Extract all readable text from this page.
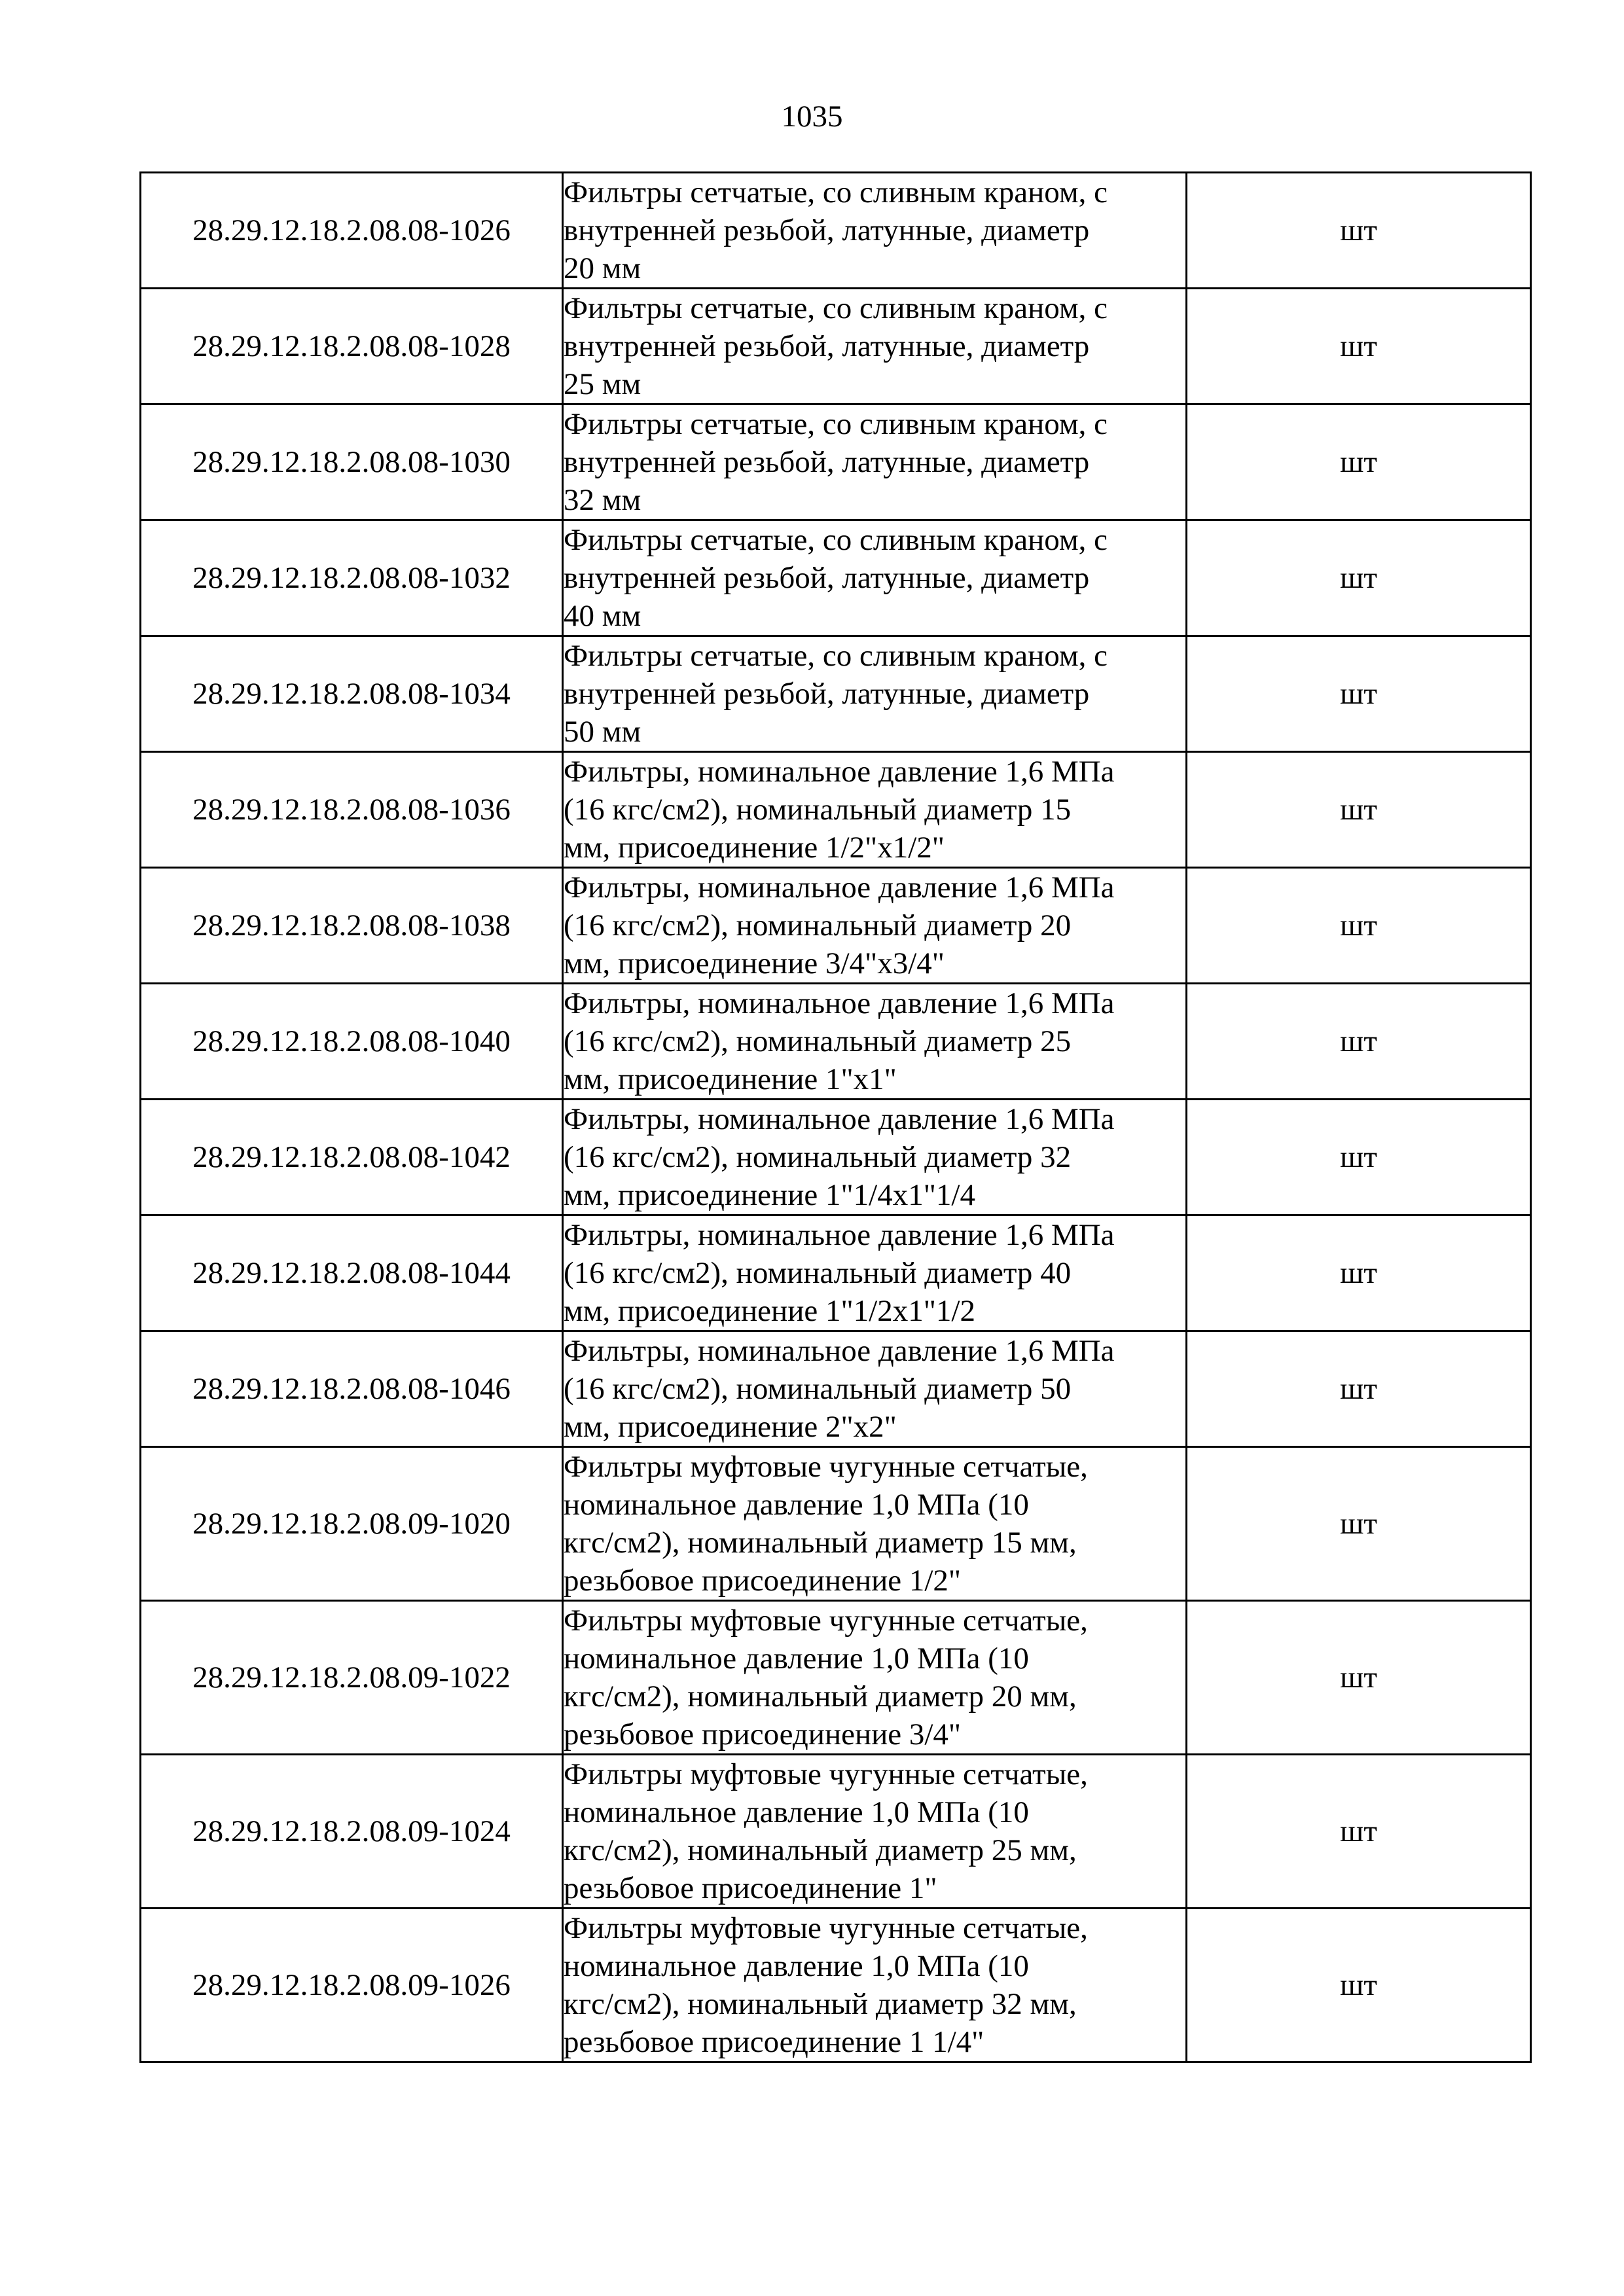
1035
28.29.12.18.2.08.08-1026	Фильтры сетчатые, со сливным краном, с
внутренней резьбой, латунные, диаметр
20 мм	шт
28.29.12.18.2.08.08-1028	Фильтры сетчатые, со сливным краном, с
внутренней резьбой, латунные, диаметр
25 мм	шт
28.29.12.18.2.08.08-1030	Фильтры сетчатые, со сливным краном, с
внутренней резьбой, латунные, диаметр
32 мм	шт
28.29.12.18.2.08.08-1032	Фильтры сетчатые, со сливным краном, с
внутренней резьбой, латунные, диаметр
40 мм	шт
28.29.12.18.2.08.08-1034	Фильтры сетчатые, со сливным краном, с
внутренней резьбой, латунные, диаметр
50 мм	шт
28.29.12.18.2.08.08-1036	Фильтры, номинальное давление 1,6 МПа
(16 кгс/см2), номинальный диаметр 15
мм, присоединение 1/2"x1/2"	шт
28.29.12.18.2.08.08-1038	Фильтры, номинальное давление 1,6 МПа
(16 кгс/см2), номинальный диаметр 20
мм, присоединение 3/4"x3/4"	шт
28.29.12.18.2.08.08-1040	Фильтры, номинальное давление 1,6 МПа
(16 кгс/см2), номинальный диаметр 25
мм, присоединение 1"x1"	шт
28.29.12.18.2.08.08-1042	Фильтры, номинальное давление 1,6 МПа
(16 кгс/см2), номинальный диаметр 32
мм, присоединение 1"1/4x1"1/4	шт
28.29.12.18.2.08.08-1044	Фильтры, номинальное давление 1,6 МПа
(16 кгс/см2), номинальный диаметр 40
мм, присоединение 1"1/2x1"1/2	шт
28.29.12.18.2.08.08-1046	Фильтры, номинальное давление 1,6 МПа
(16 кгс/см2), номинальный диаметр 50
мм, присоединение 2"x2"	шт
28.29.12.18.2.08.09-1020	Фильтры муфтовые чугунные сетчатые,
номинальное давление 1,0 МПа (10
кгс/см2), номинальный диаметр 15 мм,
резьбовое присоединение 1/2"	шт
28.29.12.18.2.08.09-1022	Фильтры муфтовые чугунные сетчатые,
номинальное давление 1,0 МПа (10
кгс/см2), номинальный диаметр 20 мм,
резьбовое присоединение 3/4"	шт
28.29.12.18.2.08.09-1024	Фильтры муфтовые чугунные сетчатые,
номинальное давление 1,0 МПа (10
кгс/см2), номинальный диаметр 25 мм,
резьбовое присоединение 1"	шт
28.29.12.18.2.08.09-1026	Фильтры муфтовые чугунные сетчатые,
номинальное давление 1,0 МПа (10
кгс/см2), номинальный диаметр 32 мм,
резьбовое присоединение 1 1/4"	шт
